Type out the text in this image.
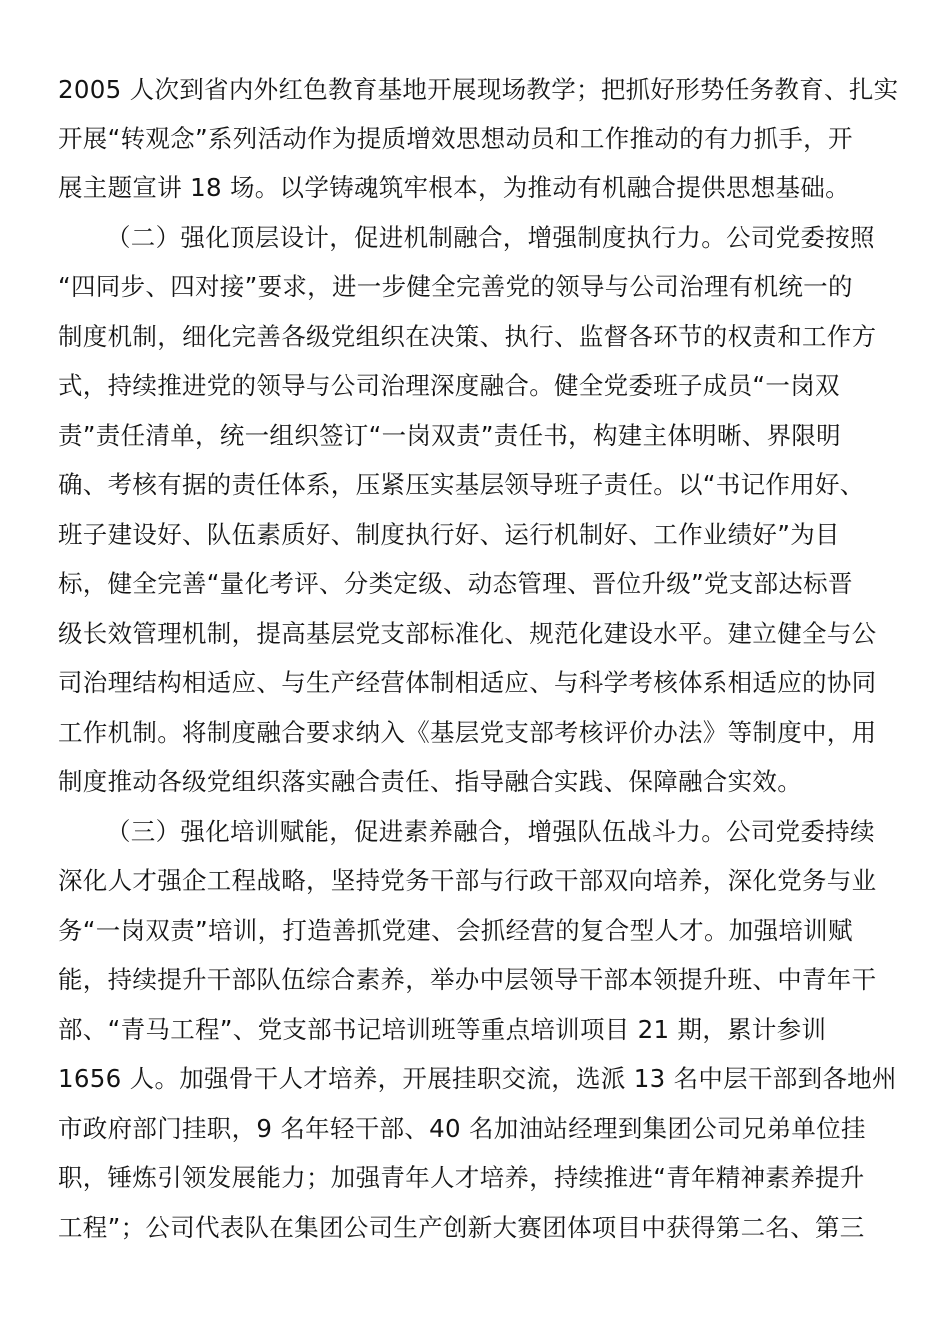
2005 人次到省内外红色教育基地开展现场教学；把抓好形势任务教育、扎实
开展“转观念”系列活动作为提质增效思想动员和工作推动的有力抓手，开
展主题宣讲 18 场。以学铸魂筑牢根本，为推动有机融合提供思想基础。
（二）强化顶层设计，促进机制融合，增强制度执行力。公司党委按照
“四同步、四对接”要求，进一步健全完善党的领导与公司治理有机统一的
制度机制，细化完善各级党组织在决策、执行、监督各环节的权责和工作方
式，持续推进党的领导与公司治理深度融合。健全党委班子成员“一岗双
责”责任清单，统一组织签订“一岗双责”责任书，构建主体明晰、界限明
确、考核有据的责任体系，压紧压实基层领导班子责任。以“书记作用好、
班子建设好、队伍素质好、制度执行好、运行机制好、工作业绩好”为目
标，健全完善“量化考评、分类定级、动态管理、晋位升级”党支部达标晋
级长效管理机制，提高基层党支部标准化、规范化建设水平。建立健全与公
司治理结构相适应、与生产经营体制相适应、与科学考核体系相适应的协同
工作机制。将制度融合要求纳入《基层党支部考核评价办法》等制度中，用
制度推动各级党组织落实融合责任、指导融合实践、保障融合实效。
（三）强化培训赋能，促进素养融合，增强队伍战斗力。公司党委持续
深化人才强企工程战略，坚持党务干部与行政干部双向培养，深化党务与业
务“一岗双责”培训，打造善抓党建、会抓经营的复合型人才。加强培训赋
能，持续提升干部队伍综合素养，举办中层领导干部本领提升班、中青年干
部、“青马工程”、党支部书记培训班等重点培训项目 21 期，累计参训
1656 人。加强骨干人才培养，开展挂职交流，选派 13 名中层干部到各地州
市政府部门挂职，9 名年轻干部、40 名加油站经理到集团公司兄弟单位挂
职，锤炼引领发展能力；加强青年人才培养，持续推进“青年精神素养提升
工程”；公司代表队在集团公司生产创新大赛团体项目中获得第二名、第三
